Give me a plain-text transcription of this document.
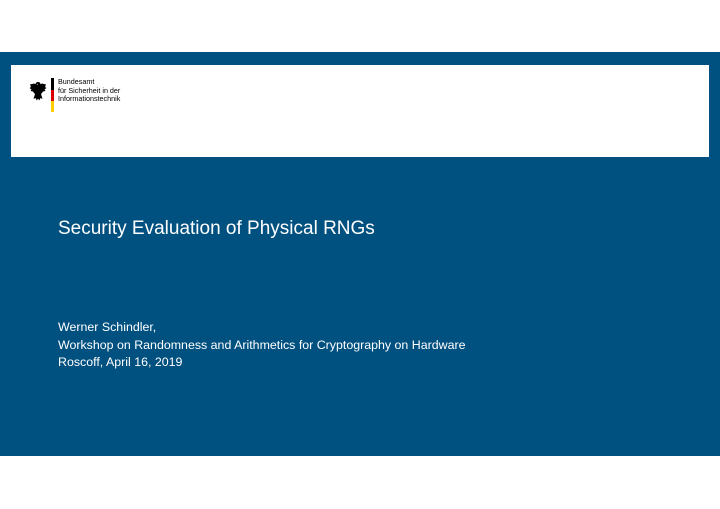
Bundesamt
für Sicherheit in der
Informationstechnik
Security Evaluation of Physical RNGs
Werner Schindler,
Workshop on Randomness and Arithmetics for Cryptography on Hardware
Roscoff, April 16, 2019
